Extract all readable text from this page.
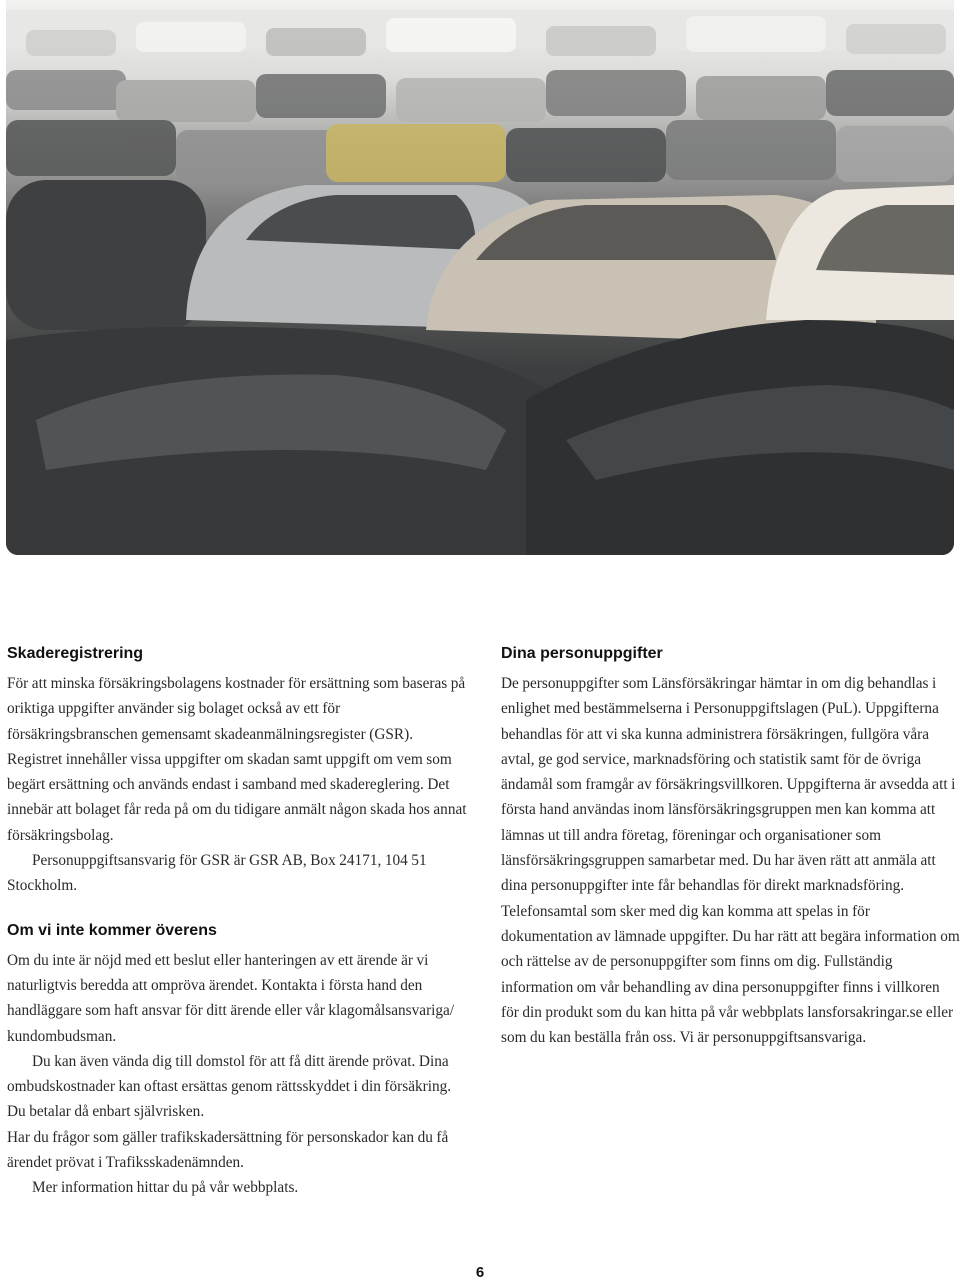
Skaderegistrering

För att minska försäkringsbolagens kostnader för ersättning som baseras på oriktiga uppgifter använder sig bolaget också av ett för försäkringsbranschen gemensamt skadeanmälningsregister (GSR). Registret innehåller vissa uppgifter om skadan samt uppgift om vem som begärt ersättning och används endast i samband med skadereglering. Det innebär att bolaget får reda på om du tidigare anmält någon skada hos annat försäkringsbolag.

Personuppgiftsansvarig för GSR är GSR AB, Box 24171, 104 51 Stockholm.

Om vi inte kommer överens

Om du inte är nöjd med ett beslut eller hanteringen av ett ärende är vi naturligtvis beredda att ompröva ärendet. Kontakta i första hand den handläggare som haft ansvar för ditt ärende eller vår klagomålsansvariga/ kundombudsman.

Du kan även vända dig till domstol för att få ditt ärende prövat. Dina ombudskostnader kan oftast ersättas genom rättsskyddet i din försäkring. Du betalar då enbart självrisken.

Har du frågor som gäller trafikskadersättning för personskador kan du få ärendet prövat i Trafiksskadenämnden.

Mer information hittar du på vår webbplats.

Dina personuppgifter

De personuppgifter som Länsförsäkringar hämtar in om dig behandlas i enlighet med bestämmelserna i Personuppgiftslagen (PuL). Uppgifterna behandlas för att vi ska kunna administrera försäkringen, fullgöra våra avtal, ge god service, marknadsföring och statistik samt för de övriga ändamål som framgår av försäkringsvillkoren. Uppgifterna är avsedda att i första hand användas inom länsförsäkringsgruppen men kan komma att lämnas ut till andra företag, föreningar och organisationer som länsförsäkringsgruppen samarbetar med. Du har även rätt att anmäla att dina personuppgifter inte får behandlas för direkt marknadsföring. Telefonsamtal som sker med dig kan komma att spelas in för dokumentation av lämnade uppgifter. Du har rätt att begära information om och rättelse av de personuppgifter som finns om dig. Fullständig information om vår behandling av dina personuppgifter finns i villkoren för din produkt som du kan hitta på vår webbplats lansforsakringar.se eller som du kan beställa från oss. Vi är personuppgiftsansvariga.

6
